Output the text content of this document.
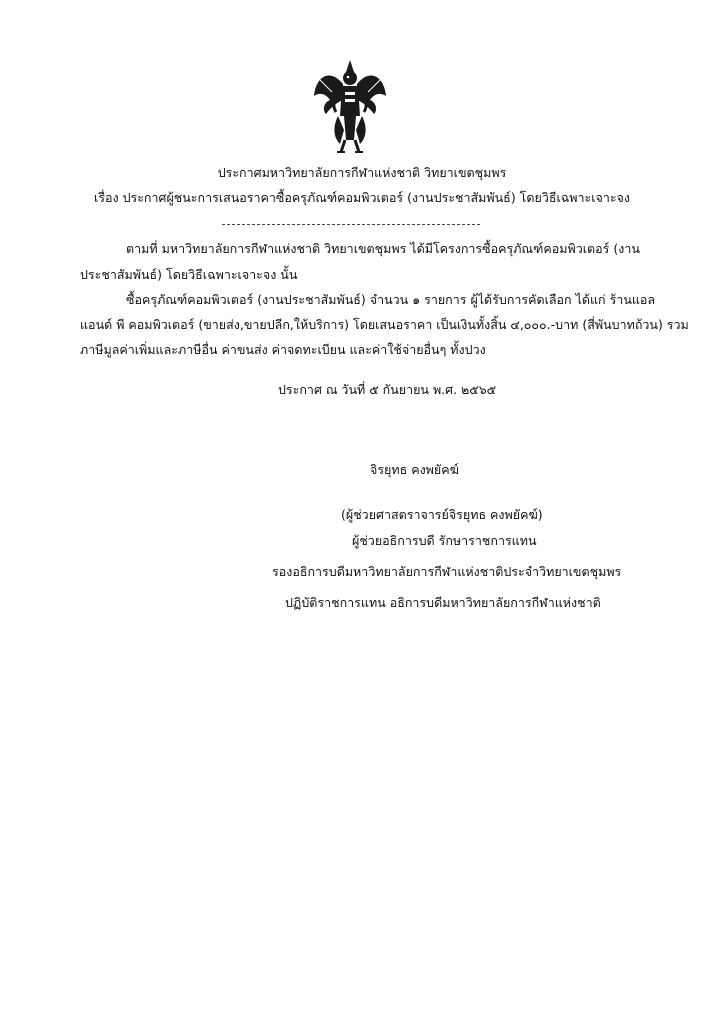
ประกาศมหาวิทยาลัยการกีฬาแห่งชาติ วิทยาเขตชุมพร
เรื่อง ประกาศผู้ชนะการเสนอราคาซื้อครุภัณฑ์คอมพิวเตอร์ (งานประชาสัมพันธ์) โดยวิธีเฉพาะเจาะจง
ตามที่ มหาวิทยาลัยการกีฬาแห่งชาติ วิทยาเขตชุมพร ได้มีโครงการซื้อครุภัณฑ์คอมพิวเตอร์ (งาน
ประชาสัมพันธ์) โดยวิธีเฉพาะเจาะจง นั้น
ซื้อครุภัณฑ์คอมพิวเตอร์ (งานประชาสัมพันธ์) จำนวน ๑ รายการ ผู้ได้รับการคัดเลือก ได้แก่ ร้านแอล
แอนด์ พี คอมพิวเตอร์ (ขายส่ง,ขายปลีก,ให้บริการ) โดยเสนอราคา เป็นเงินทั้งสิ้น ๔,๐๐๐.-บาท (สี่พันบาทถ้วน) รวม
ภาษีมูลค่าเพิ่มและภาษีอื่น ค่าขนส่ง ค่าจดทะเบียน และค่าใช้จ่ายอื่นๆ ทั้งปวง
ประกาศ ณ วันที่ ๕ กันยายน พ.ศ. ๒๕๖๕
จิรยุทธ คงพยัคฆ์
(ผู้ช่วยศาสตราจารย์จิรยุทธ คงพยัคฆ์)
ผู้ช่วยอธิการบดี รักษาราชการแทน
รองอธิการบดีมหาวิทยาลัยการกีฬาแห่งชาติประจำวิทยาเขตชุมพร
ปฏิบัติราชการแทน อธิการบดีมหาวิทยาลัยการกีฬาแห่งชาติ
